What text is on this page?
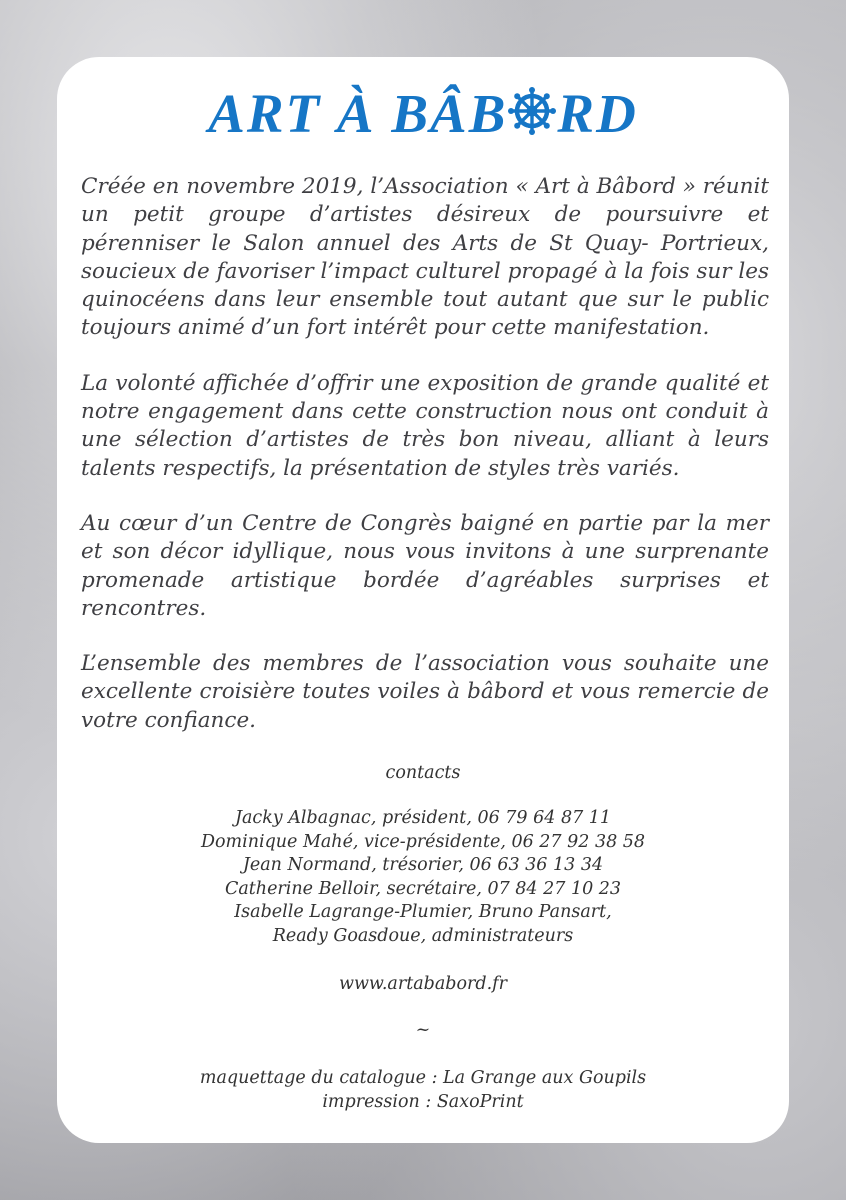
ART À BÂB RD

Créée en novembre 2019, l’Association « Art à Bâbord » réunit un petit groupe d’artistes désireux de poursuivre et pérenniser le Salon annuel des Arts de St Quay- Portrieux, soucieux de favoriser l’impact culturel propagé à la fois sur les quinocéens dans leur ensemble tout autant que sur le public toujours animé d’un fort intérêt pour cette manifestation.

La volonté affichée d’offrir une exposition de grande qualité et notre engagement dans cette construction nous ont conduit à une sélection d’artistes de très bon niveau, alliant à leurs talents respectifs, la présentation de styles très variés.

Au cœur d’un Centre de Congrès baigné en partie par la mer et son décor idyllique, nous vous invitons à une surprenante promenade artistique bordée d’agréables surprises et rencontres.

L’ensemble des membres de l’association vous souhaite une excellente croisière toutes voiles à bâbord et vous remercie de votre confiance.

contacts
Jacky Albagnac, président, 06 79 64 87 11
Dominique Mahé, vice-présidente, 06 27 92 38 58
Jean Normand, trésorier, 06 63 36 13 34
Catherine Belloir, secrétaire, 07 84 27 10 23
Isabelle Lagrange-Plumier, Bruno Pansart,
Ready Goasdoue, administrateurs
www.artababord.fr
~
maquettage du catalogue : La Grange aux Goupils
impression : SaxoPrint
